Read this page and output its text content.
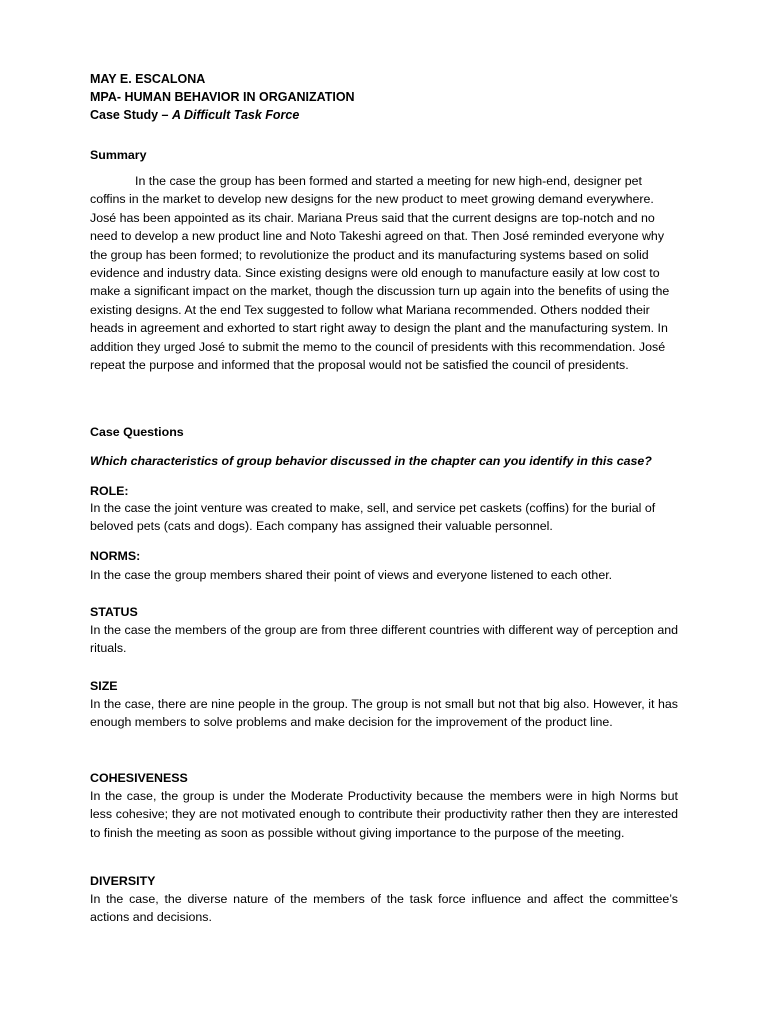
MAY E. ESCALONA
MPA- HUMAN BEHAVIOR IN ORGANIZATION
Case Study – A Difficult Task Force
Summary
In the case the group has been formed and started a meeting for new high-end, designer pet coffins in the market to develop new designs for the new product to meet growing demand everywhere. José has been appointed as its chair. Mariana Preus said that the current designs are top-notch and no need to develop a new product line and Noto Takeshi agreed on that. Then José reminded everyone why the group has been formed; to revolutionize the product and its manufacturing systems based on solid evidence and industry data. Since existing designs were old enough to manufacture easily at low cost to make a significant impact on the market, though the discussion turn up again into the benefits of using the existing designs. At the end Tex suggested to follow what Mariana recommended. Others nodded their heads in agreement and exhorted to start right away to design the plant and the manufacturing system. In addition they urged José to submit the memo to the council of presidents with this recommendation. José repeat the purpose and informed that the proposal would not be satisfied the council of presidents.
Case Questions
Which characteristics of group behavior discussed in the chapter can you identify in this case?
ROLE:
In the case the joint venture was created to make, sell, and service pet caskets (coffins) for the burial of beloved pets (cats and dogs). Each company has assigned their valuable personnel.
NORMS:
In the case the group members shared their point of views and everyone listened to each other.
STATUS
In the case the members of the group are from three different countries with different way of perception and rituals.
SIZE
In the case, there are nine people in the group. The group is not small but not that big also. However, it has enough members to solve problems and make decision for the improvement of the product line.
COHESIVENESS
In the case, the group is under the Moderate Productivity because the members were in high Norms but less cohesive; they are not motivated enough to contribute their productivity rather then they are interested to finish the meeting as soon as possible without giving importance to the purpose of the meeting.
DIVERSITY
In the case, the diverse nature of the members of the task force influence and affect the committee’s actions and decisions.
